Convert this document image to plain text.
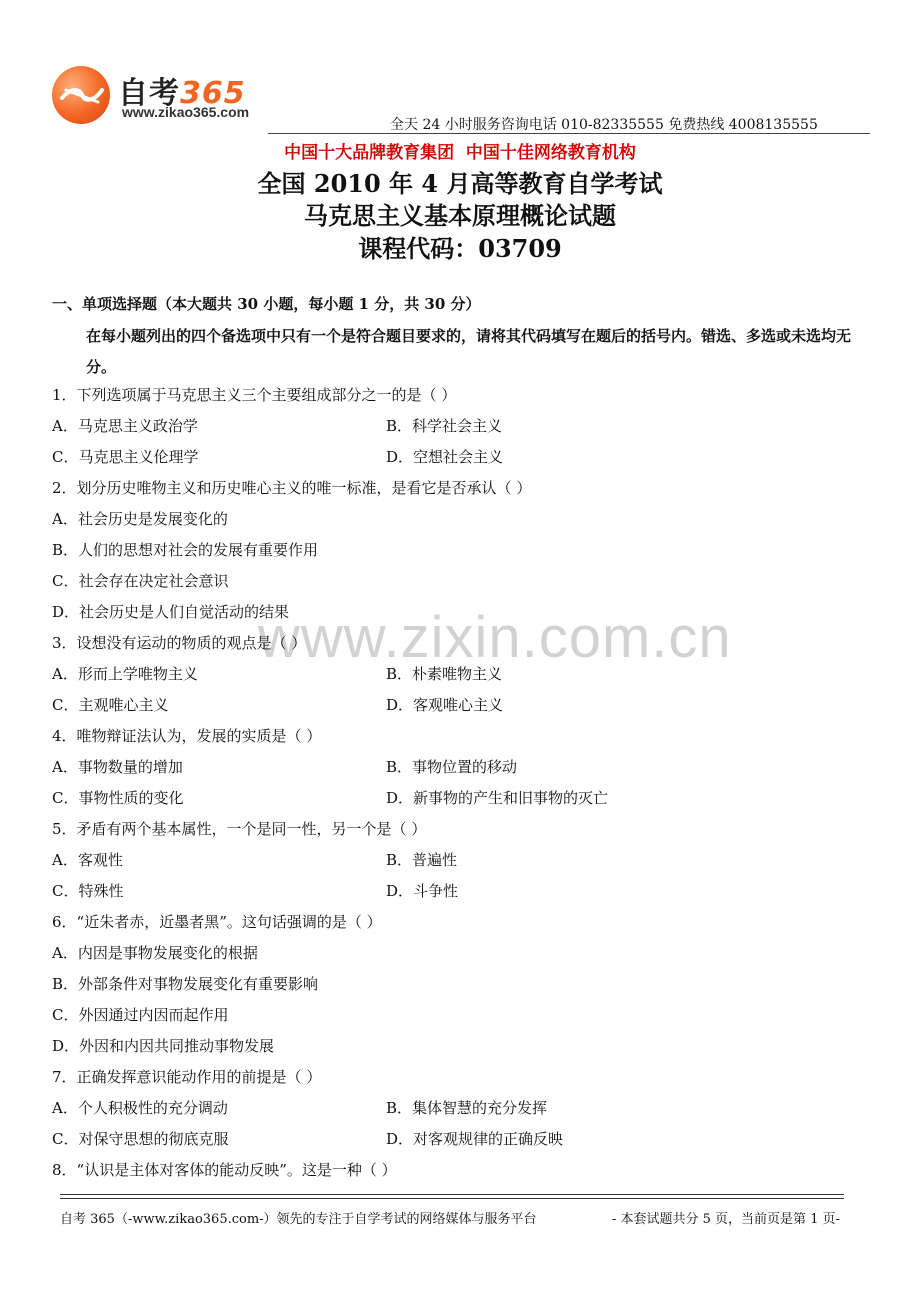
自考365
www.zikao365.com
全天 24 小时服务咨询电话 010-82335555 免费热线 4008135555
中国十大品牌教育集团  中国十佳网络教育机构
全国 2010 年 4 月高等教育自学考试
马克思主义基本原理概论试题
课程代码：03709
一、单项选择题（本大题共 30 小题，每小题 1 分，共 30 分）
在每小题列出的四个备选项中只有一个是符合题目要求的，请将其代码填写在题后的括号内。错选、多选或未选均无分。
www.zixin.com.cn
1．下列选项属于马克思主义三个主要组成部分之一的是（ ）
A．马克思主义政治学	B．科学社会主义
C．马克思主义伦理学	D．空想社会主义
2．划分历史唯物主义和历史唯心主义的唯一标准，是看它是否承认（ ）
A．社会历史是发展变化的
B．人们的思想对社会的发展有重要作用
C．社会存在决定社会意识
D．社会历史是人们自觉活动的结果
3．设想没有运动的物质的观点是（ ）
A．形而上学唯物主义	B．朴素唯物主义
C．主观唯心主义	D．客观唯心主义
4．唯物辩证法认为，发展的实质是（ ）
A．事物数量的增加	B．事物位置的移动
C．事物性质的变化	D．新事物的产生和旧事物的灭亡
5．矛盾有两个基本属性，一个是同一性，另一个是（ ）
A．客观性	B．普遍性
C．特殊性	D．斗争性
6．“近朱者赤，近墨者黑”。这句话强调的是（ ）
A．内因是事物发展变化的根据
B．外部条件对事物发展变化有重要影响
C．外因通过内因而起作用
D．外因和内因共同推动事物发展
7．正确发挥意识能动作用的前提是（ ）
A．个人积极性的充分调动	B．集体智慧的充分发挥
C．对保守思想的彻底克服	D．对客观规律的正确反映
8．“认识是主体对客体的能动反映”。这是一种（ ）
自考 365（-www.zikao365.com-）领先的专注于自学考试的网络媒体与服务平台	- 本套试题共分 5 页，当前页是第 1 页-
